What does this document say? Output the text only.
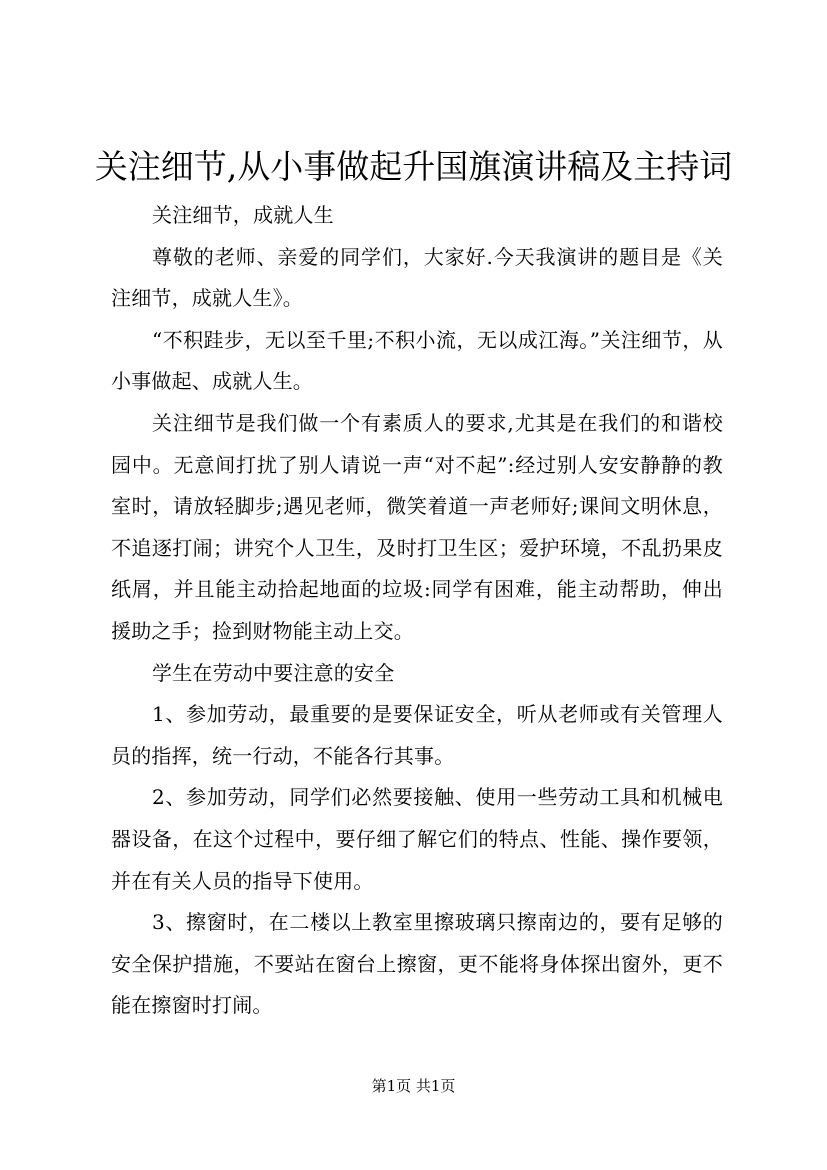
关注细节,从小事做起升国旗演讲稿及主持词

关注细节，成就人生

尊敬的老师、亲爱的同学们，大家好.今天我演讲的题目是《关注细节，成就人生》。

“不积跬步，无以至千里;不积小流，无以成江海。”关注细节，从小事做起、成就人生。

关注细节是我们做一个有素质人的要求,尤其是在我们的和谐校园中。无意间打扰了别人请说一声“对不起”:经过别人安安静静的教室时，请放轻脚步;遇见老师，微笑着道一声老师好;课间文明休息，不追逐打闹；讲究个人卫生，及时打卫生区；爱护环境，不乱扔果皮纸屑，并且能主动拾起地面的垃圾:同学有困难，能主动帮助，伸出援助之手；捡到财物能主动上交。

学生在劳动中要注意的安全

1、参加劳动，最重要的是要保证安全，听从老师或有关管理人员的指挥，统一行动，不能各行其事。

2、参加劳动，同学们必然要接触、使用一些劳动工具和机械电器设备，在这个过程中，要仔细了解它们的特点、性能、操作要领，并在有关人员的指导下使用。

3、擦窗时，在二楼以上教室里擦玻璃只擦南边的，要有足够的安全保护措施，不要站在窗台上擦窗，更不能将身体探出窗外，更不能在擦窗时打闹。

第1页 共1页
